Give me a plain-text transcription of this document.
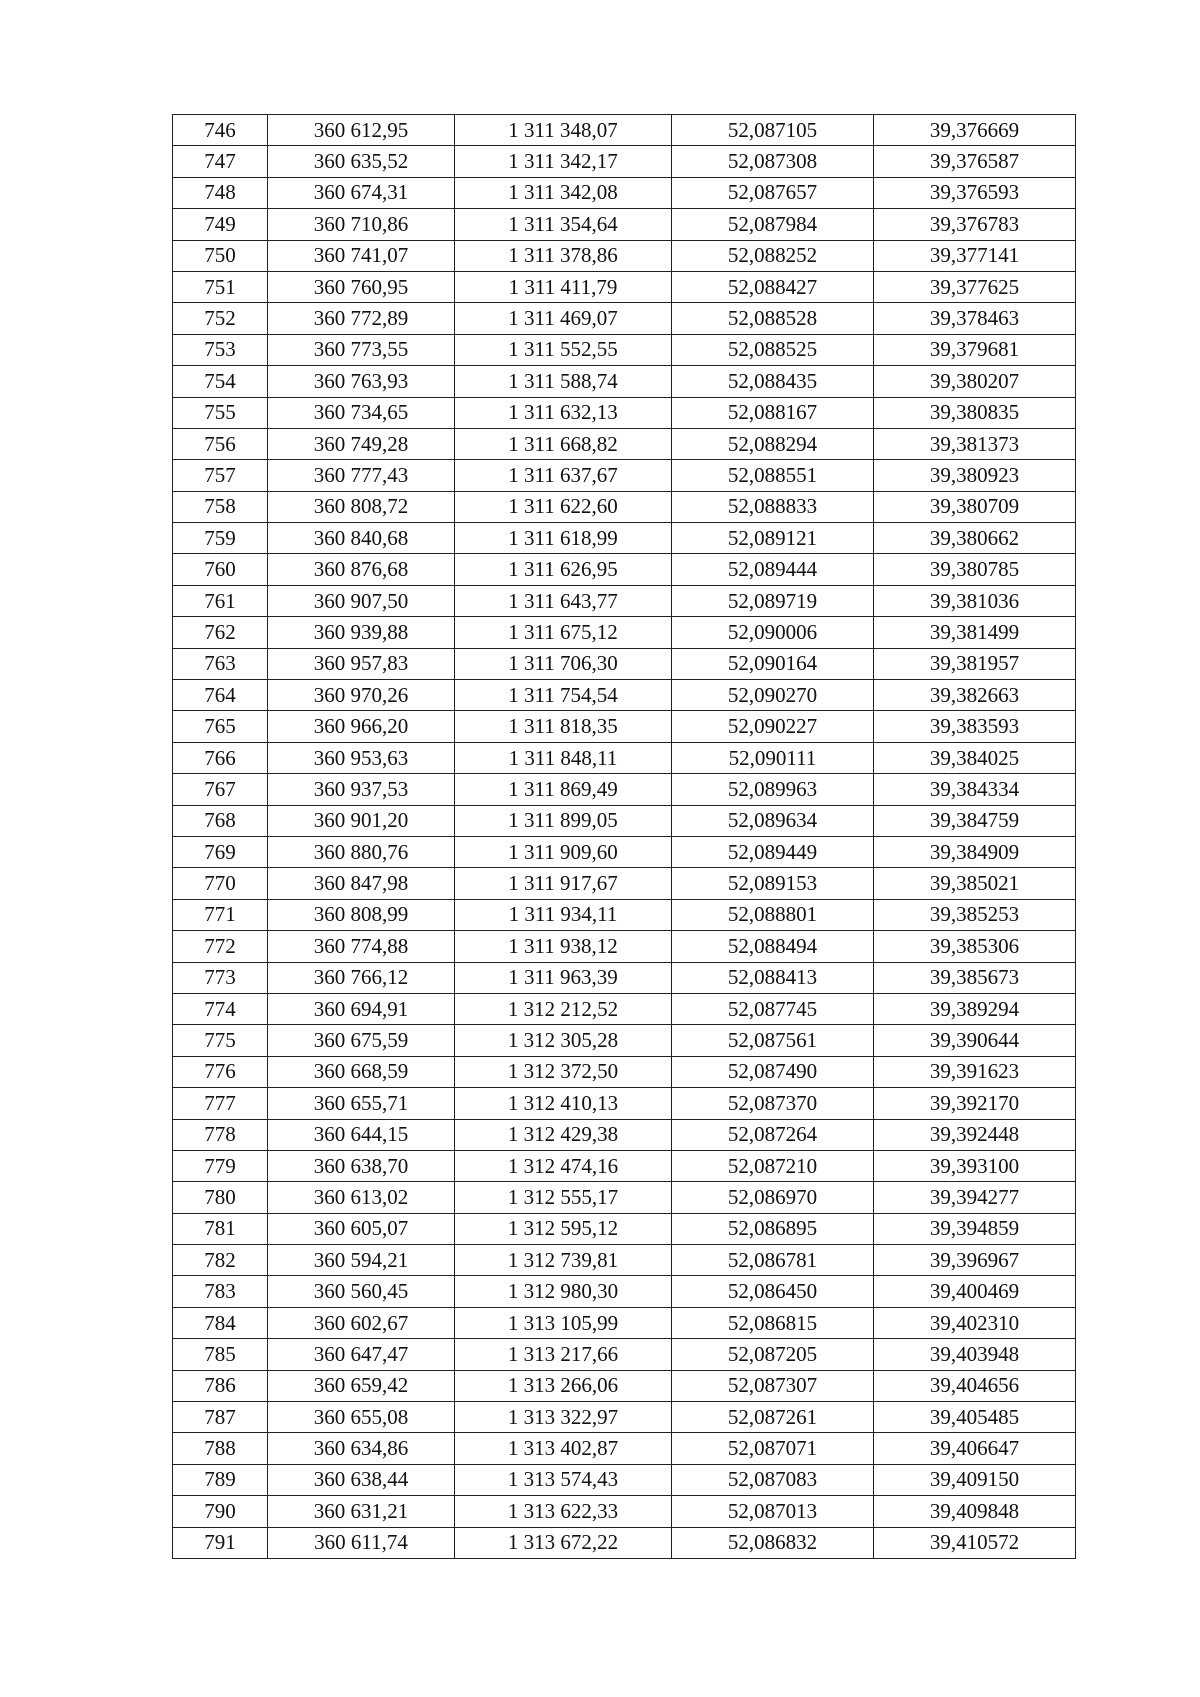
746	360 612,95	1 311 348,07	52,087105	39,376669
747	360 635,52	1 311 342,17	52,087308	39,376587
748	360 674,31	1 311 342,08	52,087657	39,376593
749	360 710,86	1 311 354,64	52,087984	39,376783
750	360 741,07	1 311 378,86	52,088252	39,377141
751	360 760,95	1 311 411,79	52,088427	39,377625
752	360 772,89	1 311 469,07	52,088528	39,378463
753	360 773,55	1 311 552,55	52,088525	39,379681
754	360 763,93	1 311 588,74	52,088435	39,380207
755	360 734,65	1 311 632,13	52,088167	39,380835
756	360 749,28	1 311 668,82	52,088294	39,381373
757	360 777,43	1 311 637,67	52,088551	39,380923
758	360 808,72	1 311 622,60	52,088833	39,380709
759	360 840,68	1 311 618,99	52,089121	39,380662
760	360 876,68	1 311 626,95	52,089444	39,380785
761	360 907,50	1 311 643,77	52,089719	39,381036
762	360 939,88	1 311 675,12	52,090006	39,381499
763	360 957,83	1 311 706,30	52,090164	39,381957
764	360 970,26	1 311 754,54	52,090270	39,382663
765	360 966,20	1 311 818,35	52,090227	39,383593
766	360 953,63	1 311 848,11	52,090111	39,384025
767	360 937,53	1 311 869,49	52,089963	39,384334
768	360 901,20	1 311 899,05	52,089634	39,384759
769	360 880,76	1 311 909,60	52,089449	39,384909
770	360 847,98	1 311 917,67	52,089153	39,385021
771	360 808,99	1 311 934,11	52,088801	39,385253
772	360 774,88	1 311 938,12	52,088494	39,385306
773	360 766,12	1 311 963,39	52,088413	39,385673
774	360 694,91	1 312 212,52	52,087745	39,389294
775	360 675,59	1 312 305,28	52,087561	39,390644
776	360 668,59	1 312 372,50	52,087490	39,391623
777	360 655,71	1 312 410,13	52,087370	39,392170
778	360 644,15	1 312 429,38	52,087264	39,392448
779	360 638,70	1 312 474,16	52,087210	39,393100
780	360 613,02	1 312 555,17	52,086970	39,394277
781	360 605,07	1 312 595,12	52,086895	39,394859
782	360 594,21	1 312 739,81	52,086781	39,396967
783	360 560,45	1 312 980,30	52,086450	39,400469
784	360 602,67	1 313 105,99	52,086815	39,402310
785	360 647,47	1 313 217,66	52,087205	39,403948
786	360 659,42	1 313 266,06	52,087307	39,404656
787	360 655,08	1 313 322,97	52,087261	39,405485
788	360 634,86	1 313 402,87	52,087071	39,406647
789	360 638,44	1 313 574,43	52,087083	39,409150
790	360 631,21	1 313 622,33	52,087013	39,409848
791	360 611,74	1 313 672,22	52,086832	39,410572
